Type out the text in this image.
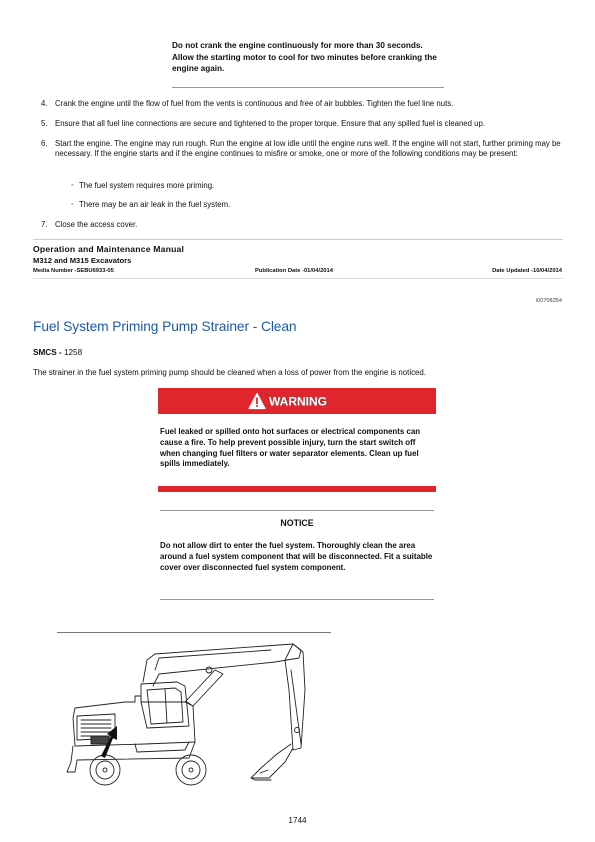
Do not crank the engine continuously for more than 30 seconds. Allow the starting motor to cool for two minutes before cranking the engine again.
4. Crank the engine until the flow of fuel from the vents is continuous and free of air bubbles. Tighten the fuel line nuts.
5. Ensure that all fuel line connections are secure and tightened to the proper torque. Ensure that any spilled fuel is cleaned up.
6. Start the engine. The engine may run rough. Run the engine at low idle until the engine runs well. If the engine will not start, further priming may be necessary. If the engine starts and if the engine continues to misfire or smoke, one or more of the following conditions may be present:
◦ The fuel system requires more priming.
◦ There may be an air leak in the fuel system.
7. Close the access cover.
Operation and Maintenance Manual
M312 and M315 Excavators
Media Number -SEBU6933-05	Publication Date -01/04/2014	Date Updated -10/04/2014
i00708354
Fuel System Priming Pump Strainer - Clean
SMCS - 1258
The strainer in the fuel system priming pump should be cleaned when a loss of power from the engine is noticed.
WARNING
Fuel leaked or spilled onto hot surfaces or electrical components can cause a fire. To help prevent possible injury, turn the start switch off when changing fuel filters or water separator elements. Clean up fuel spills immediately.
NOTICE
Do not allow dirt to enter the fuel system. Thoroughly clean the area around a fuel system component that will be disconnected. Fit a suitable cover over disconnected fuel system component.
1744
